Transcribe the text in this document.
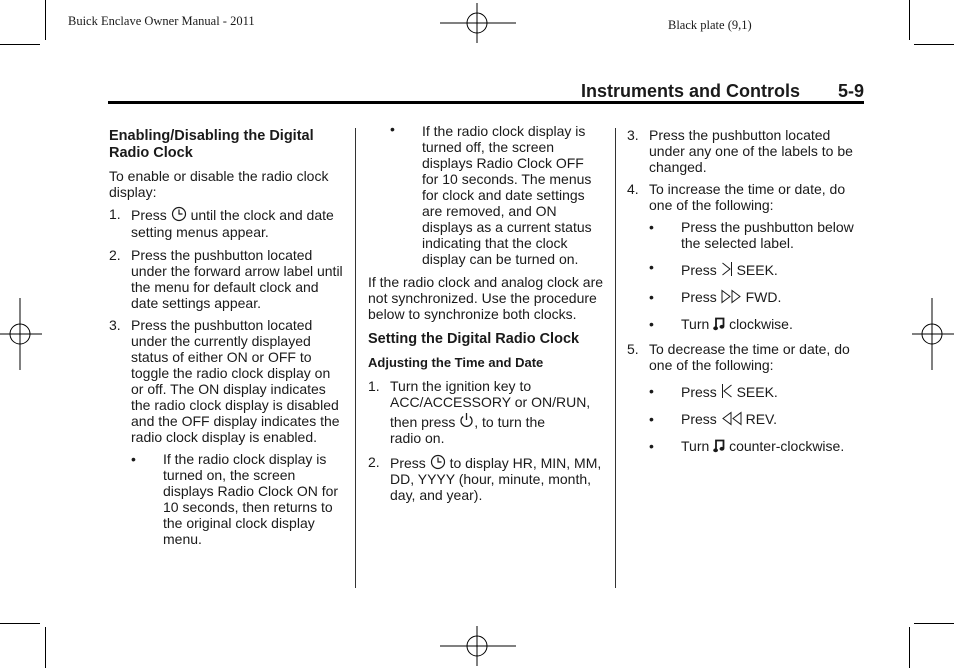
Buick Enclave Owner Manual - 2011	Black plate (9,1)
Instruments and Controls 5-9
Enabling/Disabling the Digital Radio Clock

To enable or disable the radio clock display:

1. Press until the clock and date setting menus appear.
2. Press the pushbutton located under the forward arrow label until the menu for default clock and date settings appear.
3. Press the pushbutton located under the currently displayed status of either ON or OFF to toggle the radio clock display on or off. The ON display indicates the radio clock display is disabled and the OFF display indicates the radio clock display is enabled.
• If the radio clock display is turned on, the screen displays Radio Clock ON for 10 seconds, then returns to the original clock display menu.
• If the radio clock display is turned off, the screen displays Radio Clock OFF for 10 seconds. The menus for clock and date settings are removed, and ON displays as a current status indicating that the clock display can be turned on.

If the radio clock and analog clock are not synchronized. Use the procedure below to synchronize both clocks.

Setting the Digital Radio Clock
Adjusting the Time and Date
1. Turn the ignition key to ACC/ACCESSORY or ON/RUN,
then press , to turn the
radio on.
2. Press to display HR, MIN, MM, DD, YYYY (hour, minute, month, day, and year).
3. Press the pushbutton located under any one of the labels to be changed.
4. To increase the time or date, do one of the following:
• Press the pushbutton below the selected label.
• Press SEEK.
• Press FWD.
• Turn clockwise.
5. To decrease the time or date, do one of the following:
• Press SEEK.
• Press REV.
• Turn counter-clockwise.
